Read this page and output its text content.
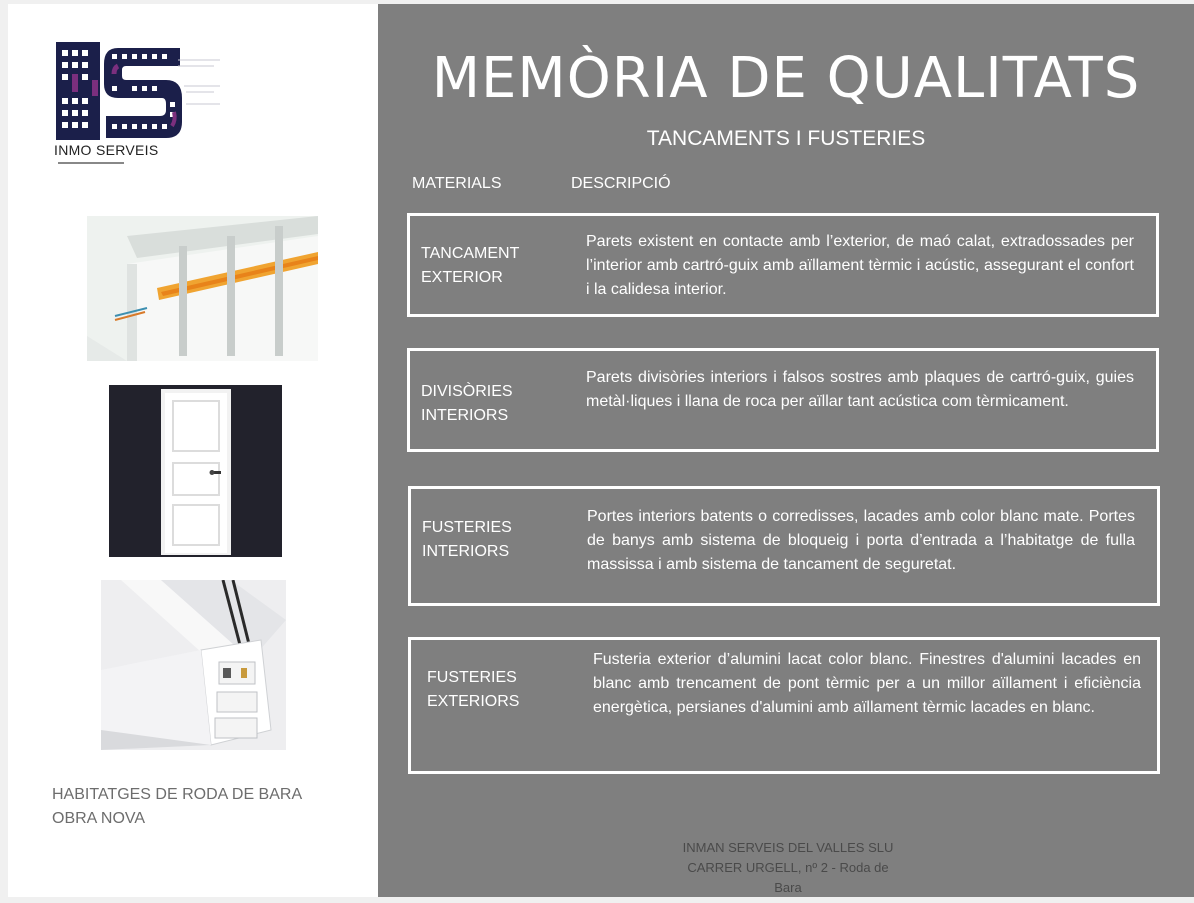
INMO SERVEIS
HABITATGES DE RODA DE BARA
OBRA NOVA
MEMÒRIA DE QUALITATS
TANCAMENTS I FUSTERIES
MATERIALS	DESCRIPCIÓ
TANCAMENT
EXTERIOR
Parets existent en contacte amb l’exterior, de maó calat, extradossades per l’interior amb cartró-guix amb aïllament tèrmic i acústic, assegurant el confort i la calidesa interior.
DIVISÒRIES
INTERIORS
Parets divisòries interiors i falsos sostres amb plaques de cartró-guix, guies metàl·liques i llana de roca per aïllar tant acústica com tèrmicament.
FUSTERIES
INTERIORS
Portes interiors batents o corredisses, lacades amb color blanc mate. Portes de banys amb sistema de bloqueig i porta d’entrada a l’habitatge de fulla massissa i amb sistema de tancament de seguretat.
FUSTERIES
EXTERIORS
Fusteria exterior d’alumini lacat color blanc. Finestres d'alumini lacades en blanc amb trencament de pont tèrmic per a un millor aïllament i eficiència energètica, persianes d'alumini amb aïllament tèrmic lacades en blanc.
INMAN SERVEIS DEL VALLES SLU
CARRER URGELL, nº 2 - Roda de
Bara
